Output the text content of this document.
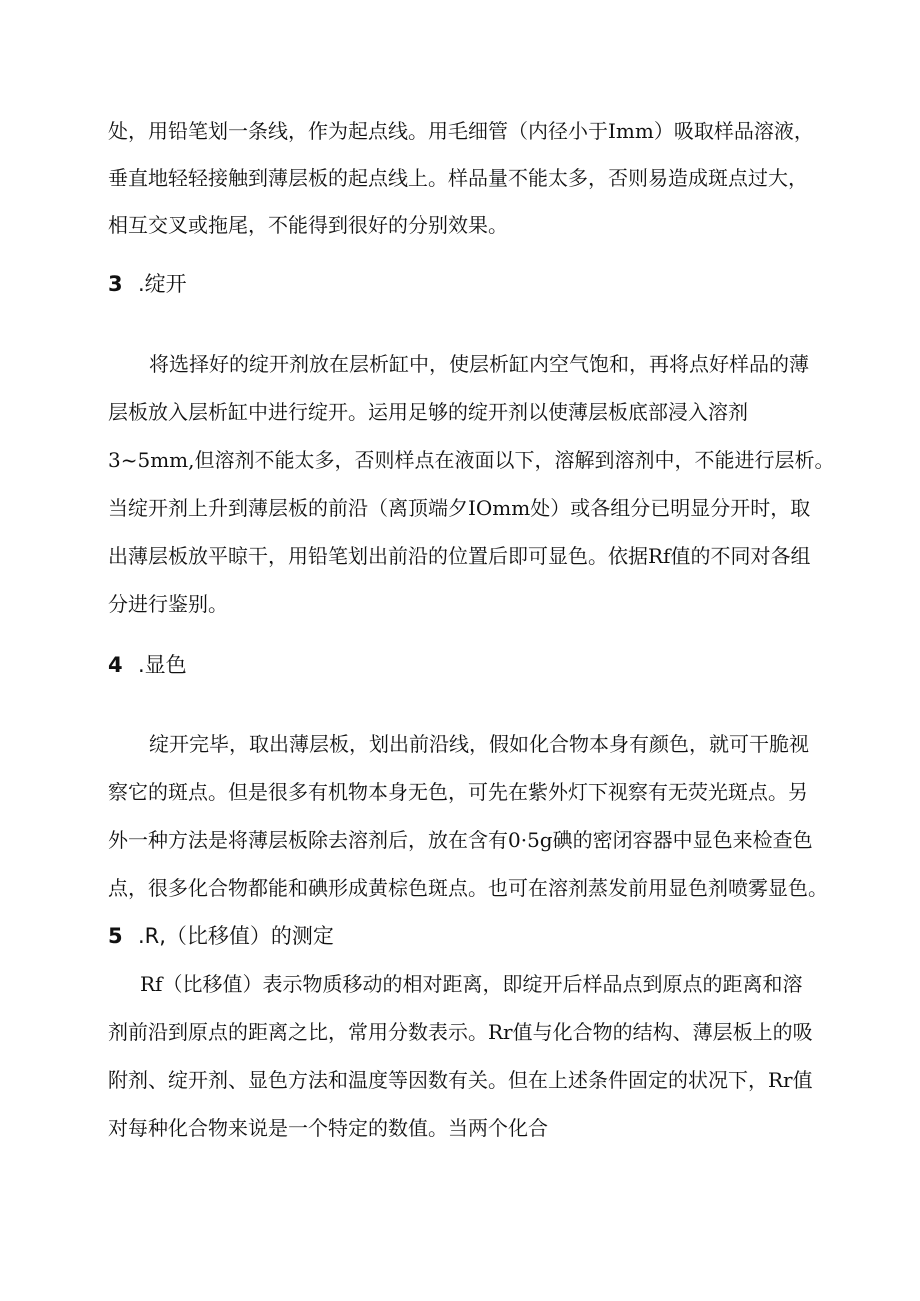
处，用铅笔划一条线，作为起点线。用毛细管（内径小于Imm）吸取样品溶液，
垂直地轻轻接触到薄层板的起点线上。样品量不能太多，否则易造成斑点过大，
相互交叉或拖尾，不能得到很好的分别效果。
3 .绽开
将选择好的绽开剂放在层析缸中，使层析缸内空气饱和，再将点好样品的薄
层板放入层析缸中进行绽开。运用足够的绽开剂以使薄层板底部浸入溶剂
3~5mm,但溶剂不能太多，否则样点在液面以下，溶解到溶剂中，不能进行层析。
当绽开剂上升到薄层板的前沿（离顶端夕IOmm处）或各组分已明显分开时，取
出薄层板放平晾干，用铅笔划出前沿的位置后即可显色。依据Rf值的不同对各组
分进行鉴别。
4 .显色
绽开完毕，取出薄层板，划出前沿线，假如化合物本身有颜色，就可干脆视
察它的斑点。但是很多有机物本身无色，可先在紫外灯下视察有无荧光斑点。另
外一种方法是将薄层板除去溶剂后，放在含有0·5g碘的密闭容器中显色来检查色
点，很多化合物都能和碘形成黄棕色斑点。也可在溶剂蒸发前用显色剂喷雾显色。
5 .R,（比移值）的测定
Rf（比移值）表示物质移动的相对距离，即绽开后样品点到原点的距离和溶
剂前沿到原点的距离之比，常用分数表示。Rr值与化合物的结构、薄层板上的吸
附剂、绽开剂、显色方法和温度等因数有关。但在上述条件固定的状况下，Rr值
对每种化合物来说是一个特定的数值。当两个化合
